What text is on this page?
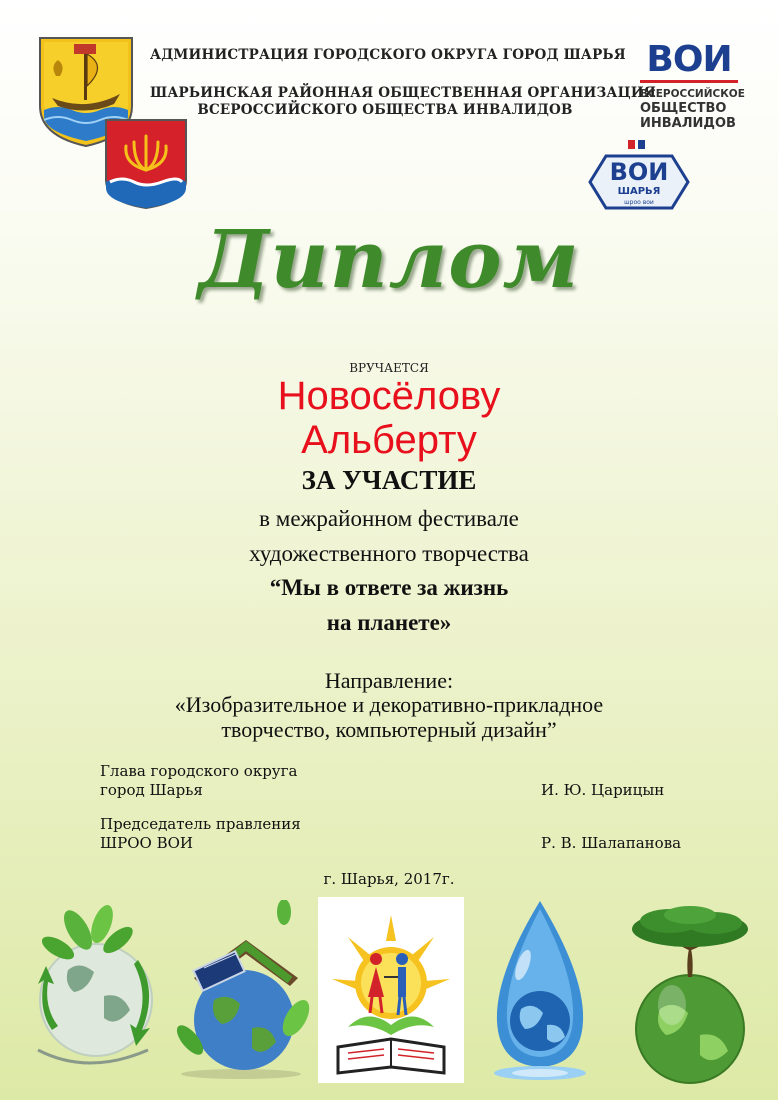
АДМИНИСТРАЦИЯ ГОРОДСКОГО ОКРУГА ГОРОД ШАРЬЯ
ШАРЬИНСКАЯ РАЙОННАЯ ОБЩЕСТВЕННАЯ ОРГАНИЗАЦИЯ
ВСЕРОССИЙСКОГО ОБЩЕСТВА ИНВАЛИДОВ
ВОИ
ВСЕРОССИЙСКОЕ
ОБЩЕСТВО
ИНВАЛИДОВ
ВОИ
ШАРЬЯ
шроо вои
Диплом
ВРУЧАЕТСЯ
Новосёлову
Альберту
ЗА УЧАСТИЕ
в межрайонном фестивале
художественного творчества
“Мы в ответе за жизнь
на планете»
Направление:
«Изобразительное и декоративно-прикладное
творчество, компьютерный дизайн”
Глава городского округа
город Шарья	И. Ю. Царицын
Председатель правления
ШРОО ВОИ	Р. В. Шалапанова
г. Шарья, 2017г.
